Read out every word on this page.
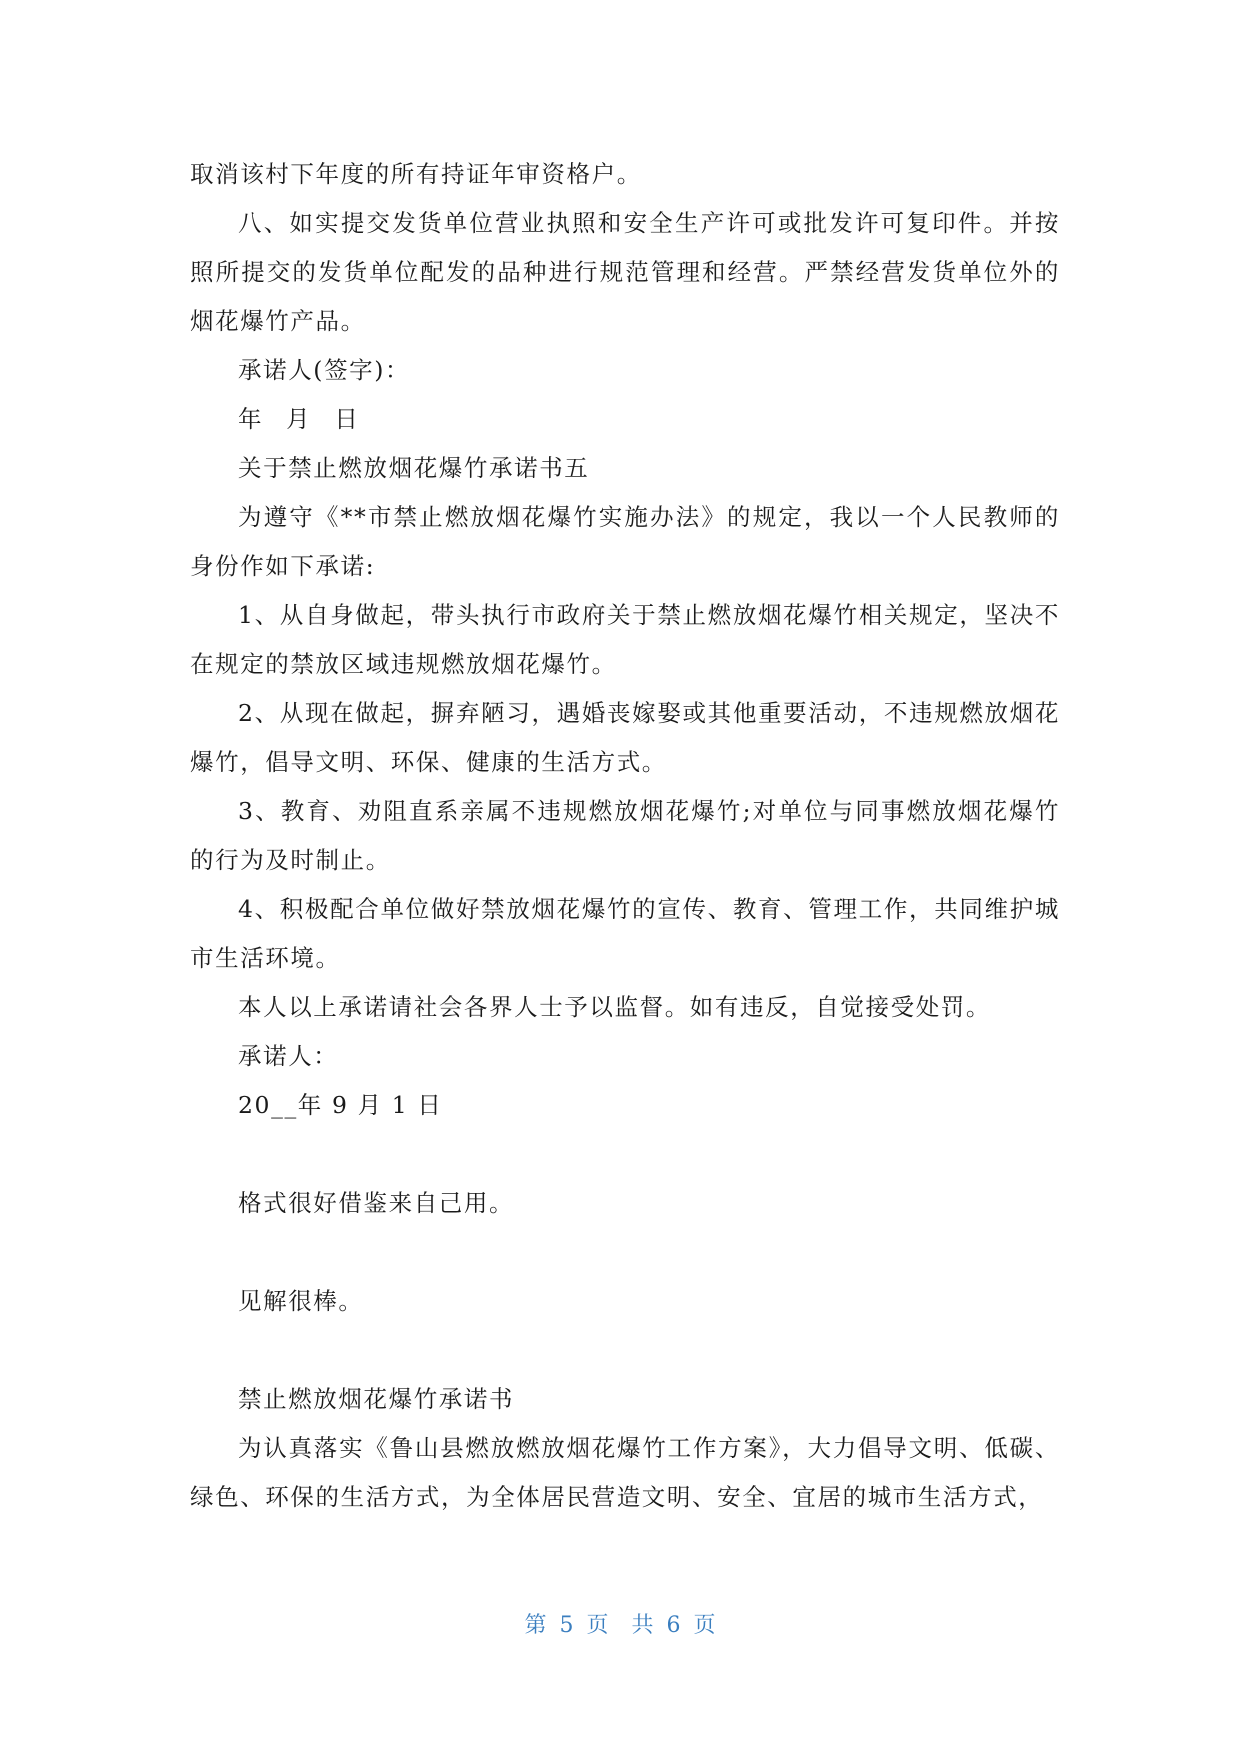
取消该村下年度的所有持证年审资格户。

八、如实提交发货单位营业执照和安全生产许可或批发许可复印件。并按照所提交的发货单位配发的品种进行规范管理和经营。严禁经营发货单位外的烟花爆竹产品。

承诺人(签字)：

年 月 日

关于禁止燃放烟花爆竹承诺书五

为遵守《**市禁止燃放烟花爆竹实施办法》的规定，我以一个人民教师的身份作如下承诺:

1、从自身做起，带头执行市政府关于禁止燃放烟花爆竹相关规定，坚决不在规定的禁放区域违规燃放烟花爆竹。

2、从现在做起，摒弃陋习，遇婚丧嫁娶或其他重要活动，不违规燃放烟花爆竹，倡导文明、环保、健康的生活方式。

3、教育、劝阻直系亲属不违规燃放烟花爆竹;对单位与同事燃放烟花爆竹的行为及时制止。

4、积极配合单位做好禁放烟花爆竹的宣传、教育、管理工作，共同维护城市生活环境。

本人以上承诺请社会各界人士予以监督。如有违反，自觉接受处罚。

承诺人：

20__年 9 月 1 日

格式很好借鉴来自己用。

见解很棒。

禁止燃放烟花爆竹承诺书

为认真落实《鲁山县燃放燃放烟花爆竹工作方案》，大力倡导文明、低碳、绿色、环保的生活方式，为全体居民营造文明、安全、宜居的城市生活方式，

第 5 页 共 6 页
